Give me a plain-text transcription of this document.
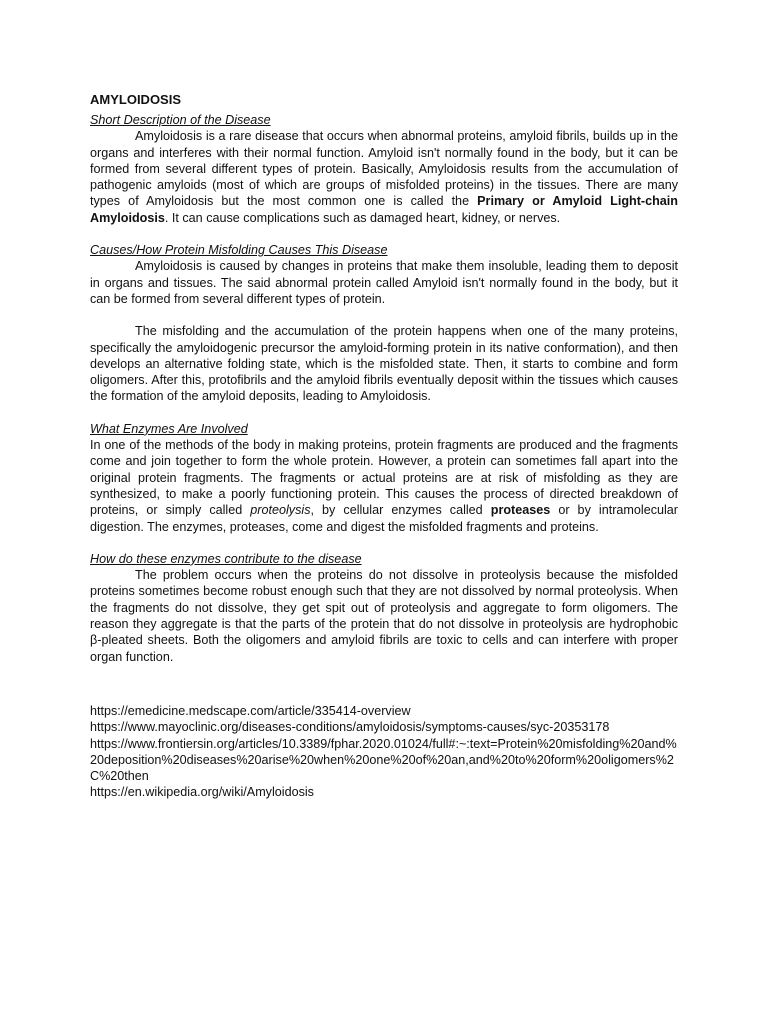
AMYLOIDOSIS
Short Description of the Disease

Amyloidosis is a rare disease that occurs when abnormal proteins, amyloid fibrils, builds up in the organs and interferes with their normal function. Amyloid isn't normally found in the body, but it can be formed from several different types of protein. Basically, Amyloidosis results from the accumulation of pathogenic amyloids (most of which are groups of misfolded proteins) in the tissues. There are many types of Amyloidosis but the most common one is called the Primary or Amyloid Light-chain Amyloidosis. It can cause complications such as damaged heart, kidney, or nerves.

Causes/How Protein Misfolding Causes This Disease

Amyloidosis is caused by changes in proteins that make them insoluble, leading them to deposit in organs and tissues. The said abnormal protein called Amyloid isn't normally found in the body, but it can be formed from several different types of protein.

The misfolding and the accumulation of the protein happens when one of the many proteins, specifically the amyloidogenic precursor the amyloid-forming protein in its native conformation), and then develops an alternative folding state, which is the misfolded state. Then, it starts to combine and form oligomers. After this, protofibrils and the amyloid fibrils eventually deposit within the tissues which causes the formation of the amyloid deposits, leading to Amyloidosis.

What Enzymes Are Involved

In one of the methods of the body in making proteins, protein fragments are produced and the fragments come and join together to form the whole protein. However, a protein can sometimes fall apart into the original protein fragments. The fragments or actual proteins are at risk of misfolding as they are synthesized, to make a poorly functioning protein. This causes the process of directed breakdown of proteins, or simply called proteolysis, by cellular enzymes called proteases or by intramolecular digestion. The enzymes, proteases, come and digest the misfolded fragments and proteins.

How do these enzymes contribute to the disease

The problem occurs when the proteins do not dissolve in proteolysis because the misfolded proteins sometimes become robust enough such that they are not dissolved by normal proteolysis. When the fragments do not dissolve, they get spit out of proteolysis and aggregate to form oligomers. The reason they aggregate is that the parts of the protein that do not dissolve in proteolysis are hydrophobic β-pleated sheets. Both the oligomers and amyloid fibrils are toxic to cells and can interfere with proper organ function.

https://emedicine.medscape.com/article/335414-overview
https://www.mayoclinic.org/diseases-conditions/amyloidosis/symptoms-causes/syc-20353178
https://www.frontiersin.org/articles/10.3389/fphar.2020.01024/full#:~:text=Protein%20misfolding%20and%20deposition%20diseases%20arise%20when%20one%20of%20an,and%20to%20form%20oligomers%2C%20then
https://en.wikipedia.org/wiki/Amyloidosis
